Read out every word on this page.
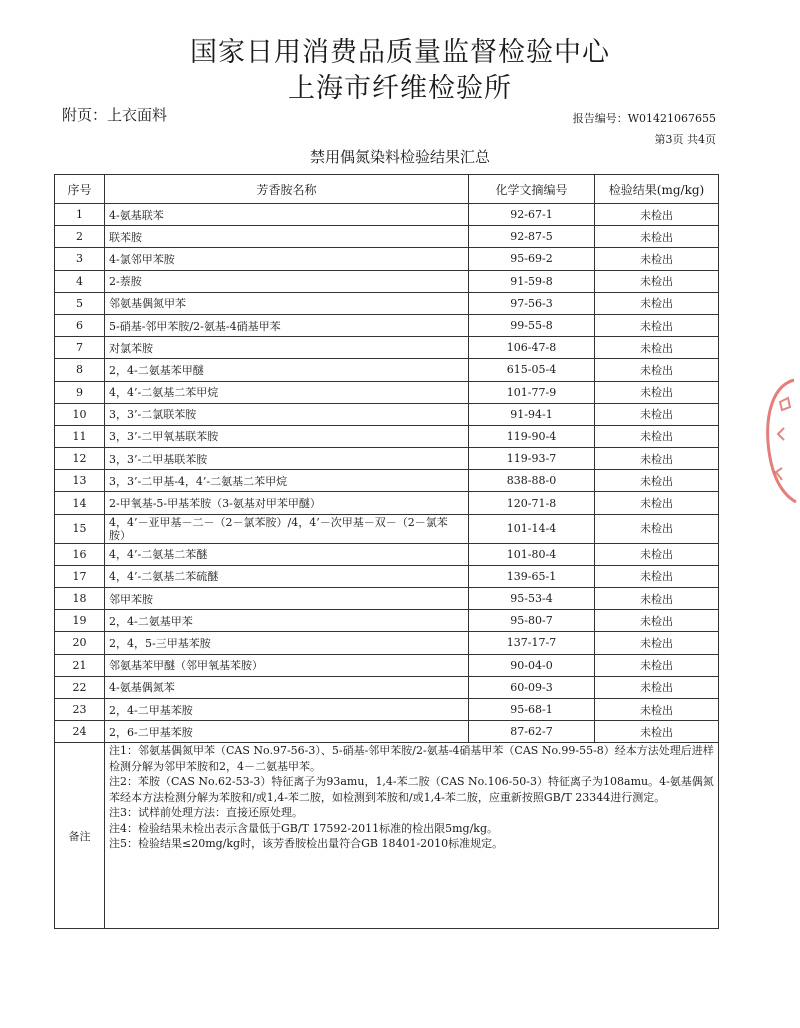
国家日用消费品质量监督检验中心
上海市纤维检验所
附页：上衣面料	报告编号：W01421067655
第3页 共4页
禁用偶氮染料检验结果汇总
序号	芳香胺名称	化学文摘编号	检验结果(mg/kg)
1	4-氨基联苯	92-67-1	未检出
2	联苯胺	92-87-5	未检出
3	4-氯邻甲苯胺	95-69-2	未检出
4	2-萘胺	91-59-8	未检出
5	邻氨基偶氮甲苯	97-56-3	未检出
6	5-硝基-邻甲苯胺/2-氨基-4硝基甲苯	99-55-8	未检出
7	对氯苯胺	106-47-8	未检出
8	2，4-二氨基苯甲醚	615-05-4	未检出
9	4，4’-二氨基二苯甲烷	101-77-9	未检出
10	3，3’-二氯联苯胺	91-94-1	未检出
11	3，3’-二甲氧基联苯胺	119-90-4	未检出
12	3，3’-二甲基联苯胺	119-93-7	未检出
13	3，3’-二甲基-4，4’-二氨基二苯甲烷	838-88-0	未检出
14	2-甲氧基-5-甲基苯胺（3-氨基对甲苯甲醚）	120-71-8	未检出
15	4，4’－亚甲基－二－（2－氯苯胺）/4，4’－次甲基－双－（2－氯苯胺）	101-14-4	未检出
16	4，4’-二氨基二苯醚	101-80-4	未检出
17	4，4’-二氨基二苯硫醚	139-65-1	未检出
18	邻甲苯胺	95-53-4	未检出
19	2，4-二氨基甲苯	95-80-7	未检出
20	2，4，5-三甲基苯胺	137-17-7	未检出
21	邻氨基苯甲醚（邻甲氧基苯胺）	90-04-0	未检出
22	4-氨基偶氮苯	60-09-3	未检出
23	2，4-二甲基苯胺	95-68-1	未检出
24	2，6-二甲基苯胺	87-62-7	未检出
备注	注1：邻氨基偶氮甲苯（CAS No.97-56-3）、5-硝基-邻甲苯胺/2-氨基-4硝基甲苯（CAS No.99-55-8）经本方法处理后进样检测分解为邻甲苯胺和2，4－二氨基甲苯。
注2：苯胺（CAS No.62-53-3）特征离子为93amu，1,4-苯二胺（CAS No.106-50-3）特征离子为108amu。4-氨基偶氮苯经本方法检测分解为苯胺和/或1,4-苯二胺，如检测到苯胺和/或1,4-苯二胺，应重新按照GB/T 23344进行测定。
注3：试样前处理方法：直接还原处理。
注4：检验结果未检出表示含量低于GB/T 17592-2011标准的检出限5mg/kg。
注5：检验结果≤20mg/kg时，该芳香胺检出量符合GB 18401-2010标准规定。		
